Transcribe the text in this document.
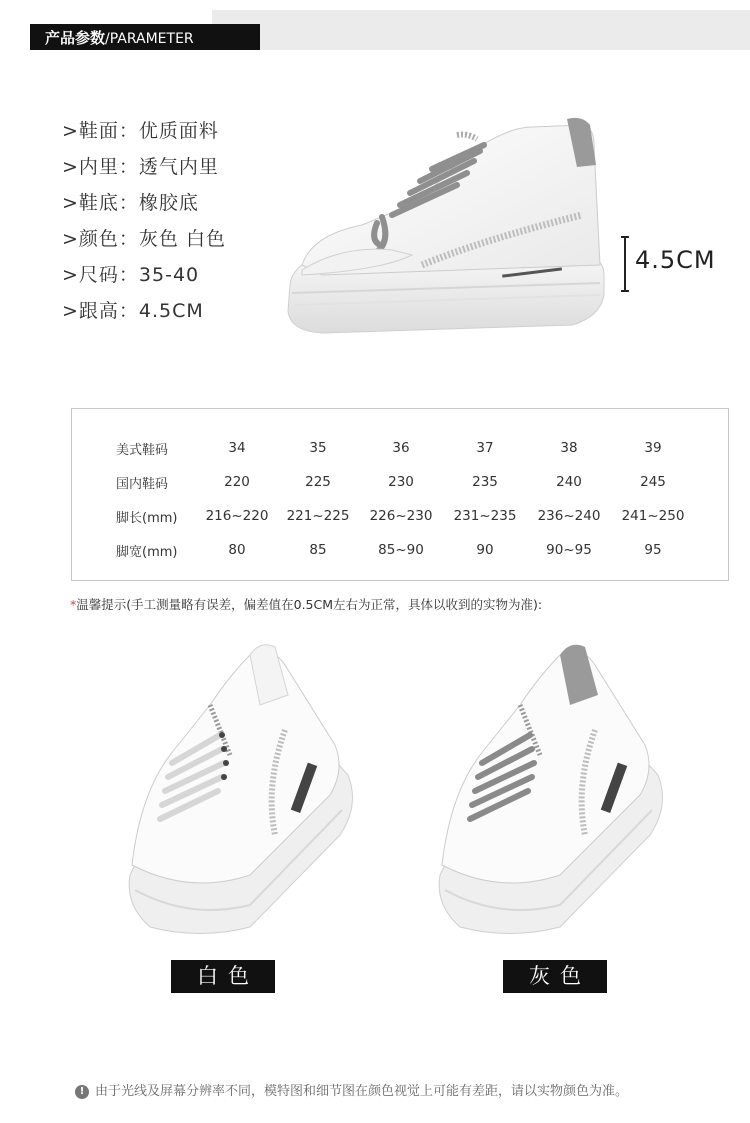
产品参数/PARAMETER
>鞋面：优质面料
>内里：透气内里
>鞋底：橡胶底
>颜色：灰色 白色
>尺码：35-40
>跟高：4.5CM
4.5CM
美式鞋码	34	35	36	37	38	39
国内鞋码	220	225	230	235	240	245
脚长(mm) 216~220 221~225 226~230 231~235 236~240 241~250
脚宽(mm)	80	85	85~90	90	90~95	95
*温馨提示(手工测量略有误差，偏差值在0.5CM左右为正常，具体以收到的实物为准):
白色	灰色
! 由于光线及屏幕分辨率不同，模特图和细节图在颜色视觉上可能有差距，请以实物颜色为准。
